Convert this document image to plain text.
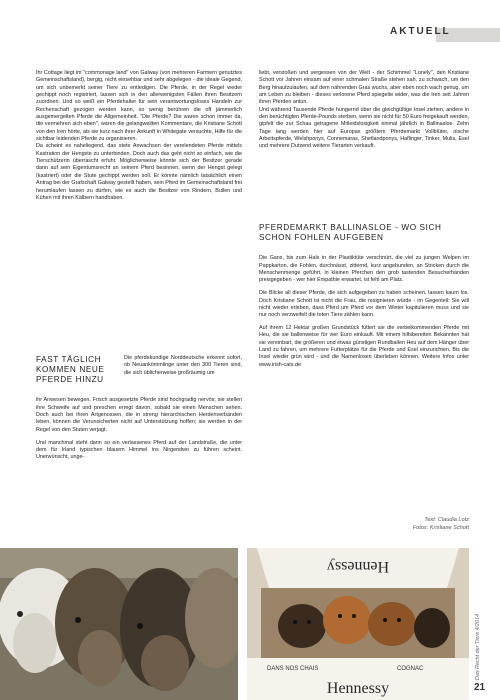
AKTUELL

Ihr Cottage liegt im "commonage land" von Galway (von mehreren Farmern genutztes Gemeinschaftsland), bergig, nicht einsehbar und sehr abgelegen - die ideale Gegend, um sich unbemerkt seiner Tiere zu entledigen. Die Pferde, in der Regel weder gechippt noch registriert, lassen sich in den allerwenigsten Fällen ihren Besitzern zuordnen. Und so weiß ein Pferdehalter für sein verantwortungsloses Handeln zur Rechenschaft gezogen werden kann, so wenig berühren die oft jämmerlich ausgemergelten Pferde die Allgemeinheit. "Die Pferde? Die waren schon immer da, die vermehren sich eben", waren die gelangweilten Kommentare, die Kristiane Schott von den Iren hörte, als sie kurz nach ihrer Ankunft in Whitegate versuchte, Hilfe für die sichtbar leidenden Pferde zu organisieren.

Da scheint es naheliegend, das stete Anwachsen der verelendeten Pferde mittels Kastration der Hengste zu unterbinden. Doch auch das geht nicht so einfach, wie die Tierschützerin überrascht erfuhr. Möglicherweise könnte sich der Besitzer gerade dann auf sein Eigentumsrecht an seinem Pferd besinnen, wenn der Hengst gelegt (kastriert) oder die Stute gechippt werden soll. Er könnte nämlich tatsächlich einen Antrag bei der Grafschaft Galway gestellt haben, sein Pferd im Gemeinschaftsland frei herumlaufen lassen zu dürfen, wie es auch die Besitzer von Rindern, Bullen und Kühen mit ihren Kälbern handhaben.

FAST TÄGLICH KOMMEN NEUE PFERDE HINZU
Die pferdekundige Norddeutsche erkennt sofort, ob Neuankömmlinge unter den 300 Tieren sind, die sich üblicherweise großräumig um

ihr Anwesen bewegen. Frisch ausgesetzte Pferde sind hochgradig nervös; sie stellen ihre Schweife auf und preschen erregt davon, sobald sie einen Menschen sehen. Doch auch bei ihren Artgenossen, die in streng hierarchischen Herdenverbänden leben, können die Verunsicherten nicht auf Unterstützung hoffen; sie werden in der Regel von den Stuten verjagt.

Und manchmal steht dann so ein verlassenes Pferd auf der Landstraße, die unter dem für Irland typischen blauem Himmel ins Nirgendwo zu führen scheint. Unerwünscht, unge-

liebt, verstoßen und vergessen von der Welt - der Schimmel "Lonely", den Kristiane Schott vor Jahren einsam auf einer schmalen Straße stehen sah, zu schwach, um den Berg hinaufzulaufen, auf dem nährenden Gras wuchs, aber eben noch wach genug, um am Leben zu bleiben - dieses verlorene Pferd spiegelte wider, was die Iren seit Jahren ihren Pferden antun.

Und während Tausende Pferde hungernd über die gleichgültige Insel ziehen, andere in den berüchtigten Pferde-Pounds sterben, wenn sie nicht für 50 Euro freigekauft werden, gipfelt die zur Schau getragene Mitleidslosigkeit einmal jährlich in Ballinasloe. Zehn Tage lang werden hier auf Europas größtem Pferdemarkt Vollblüter, irische Arbeitspferde, Welshponys, Connemaras, Shetlandponys, Haflinger, Tinker, Mulis, Esel und mehrere Dutzend weitere Tierarten verkauft.

PFERDEMARKT BALLINASLOE - WO SICH SCHON FOHLEN AUFGEBEN

Die Gans, bis zum Hals in der Plastiktüte verschnürt, die viel zu jungen Welpen im Pappkarton, die Fohlen, durchnässt, zitternd, kurz angebunden, an Stricken durch die Menschenmenge geführt, in kleinen Pferchen den grob tastenden Besucherhänden preisgegeben - wer hier Empathie erwartet, ist fehl am Platz.

Die Blicke all dieser Pferde, die sich aufgegeben zu haben scheinen, lassen kaum los. Doch Kristiane Schott ist nicht die Frau, die resignieren würde - im Gegenteil: Sie will nicht wieder erleben, dass Pferd um Pferd vor dem Winter kapitulieren muss und sie nur noch verzweifelt die toten Tiere zählen kann.

Auf ihrem 12 Hektar großen Grundstück füttert sie die verbeikommenden Pferde mit Heu, die sie ballenweise für vier Euro einkauft. Mit einem hilfsbereiten Bekannten hat sie vereinbart, die größeren und etwas günstigen Rundballen Heu auf dem Hänger über Land zu fahren, um mehrere Futterplätze für die Pferde und Esel einzurichten. Bis die Insel wieder grün wird - und die Namenlosen überleben können. Weitere Infos unter www.irish-cats.de

Text: Claudia Lotz
Fotos: Kristiane Schott
Hennessy
DANS NOS CHAIS	COGNAC
Hennessy
Das Recht der Tiere 4/2014
21
